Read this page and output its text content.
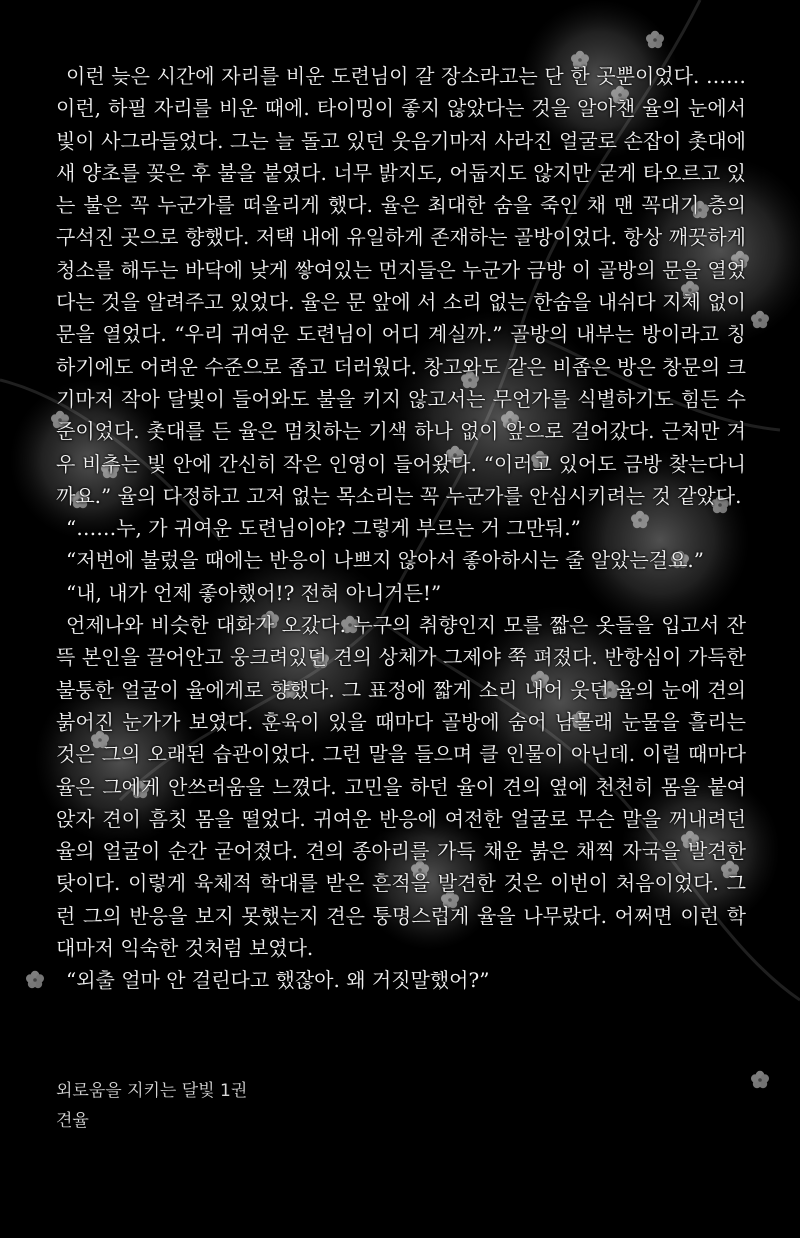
이런 늦은 시간에 자리를 비운 도련님이 갈 장소라고는 단 한 곳뿐이었다. ……이런, 하필 자리를 비운 때에. 타이밍이 좋지 않았다는 것을 알아챈 율의 눈에서 빛이 사그라들었다. 그는 늘 돌고 있던 웃음기마저 사라진 얼굴로 손잡이 촛대에 새 양초를 꽂은 후 불을 붙였다. 너무 밝지도, 어둡지도 않지만 굳게 타오르고 있는 불은 꼭 누군가를 떠올리게 했다. 율은 최대한 숨을 죽인 채 맨 꼭대기 층의 구석진 곳으로 향했다. 저택 내에 유일하게 존재하는 골방이었다. 항상 깨끗하게 청소를 해두는 바닥에 낮게 쌓여있는 먼지들은 누군가 금방 이 골방의 문을 열었다는 것을 알려주고 있었다. 율은 문 앞에 서 소리 없는 한숨을 내쉬다 지체 없이 문을 열었다. “우리 귀여운 도련님이 어디 계실까.” 골방의 내부는 방이라고 칭하기에도 어려운 수준으로 좁고 더러웠다. 창고와도 같은 비좁은 방은 창문의 크기마저 작아 달빛이 들어와도 불을 키지 않고서는 무언가를 식별하기도 힘든 수준이었다. 촛대를 든 율은 멈칫하는 기색 하나 없이 앞으로 걸어갔다. 근처만 겨우 비추는 빛 안에 간신히 작은 인영이 들어왔다. “이러고 있어도 금방 찾는다니까요.” 율의 다정하고 고저 없는 목소리는 꼭 누군가를 안심시키려는 것 같았다.

“……누, 가 귀여운 도련님이야? 그렇게 부르는 거 그만둬.”

“저번에 불렀을 때에는 반응이 나쁘지 않아서 좋아하시는 줄 알았는걸요.”

“내, 내가 언제 좋아했어!? 전혀 아니거든!”

언제나와 비슷한 대화가 오갔다. 누구의 취향인지 모를 짧은 옷들을 입고서 잔뜩 본인을 끌어안고 웅크려있던 견의 상체가 그제야 쭉 펴졌다. 반항심이 가득한 불퉁한 얼굴이 율에게로 향했다. 그 표정에 짧게 소리 내어 웃던 율의 눈에 견의 붉어진 눈가가 보였다. 훈육이 있을 때마다 골방에 숨어 남몰래 눈물을 흘리는 것은 그의 오래된 습관이었다. 그런 말을 들으며 클 인물이 아닌데. 이럴 때마다 율은 그에게 안쓰러움을 느꼈다. 고민을 하던 율이 견의 옆에 천천히 몸을 붙여 앉자 견이 흠칫 몸을 떨었다. 귀여운 반응에 여전한 얼굴로 무슨 말을 꺼내려던 율의 얼굴이 순간 굳어졌다. 견의 종아리를 가득 채운 붉은 채찍 자국을 발견한 탓이다. 이렇게 육체적 학대를 받은 흔적을 발견한 것은 이번이 처음이었다. 그런 그의 반응을 보지 못했는지 견은 퉁명스럽게 율을 나무랐다. 어쩌면 이런 학대마저 익숙한 것처럼 보였다.

“외출 얼마 안 걸린다고 했잖아. 왜 거짓말했어?”

외로움을 지키는 달빛 1권
견율
